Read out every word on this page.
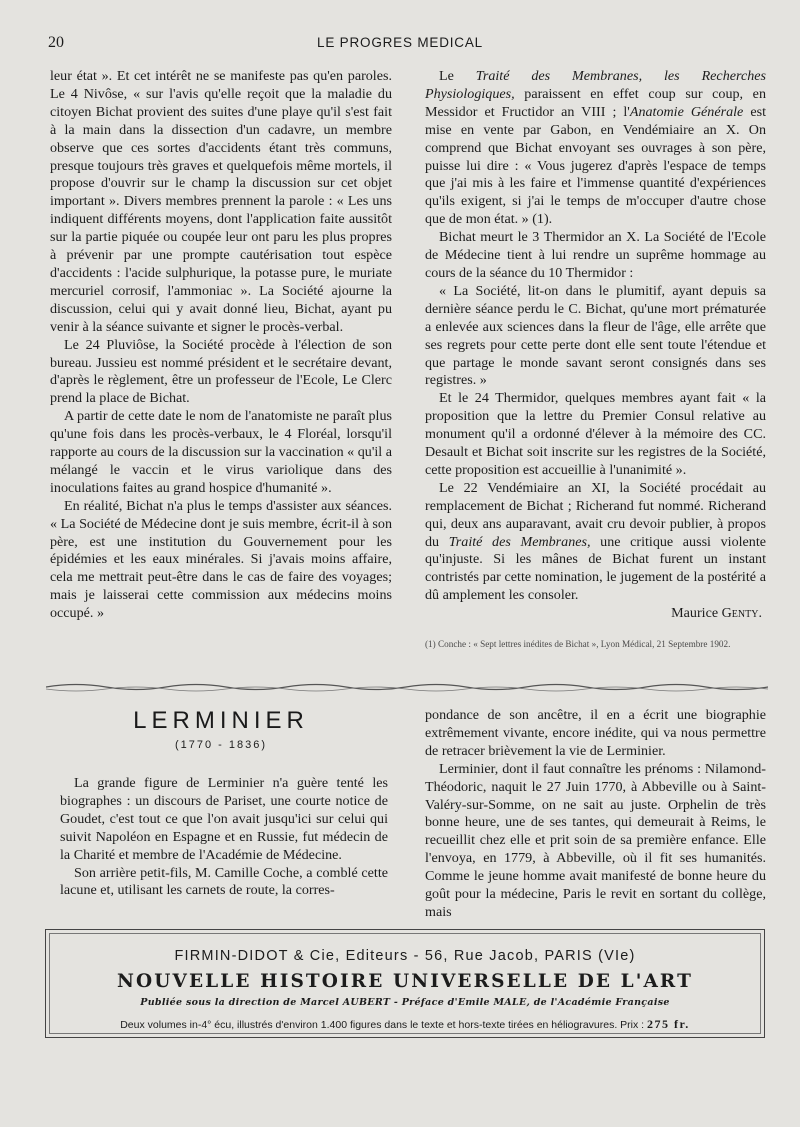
20	LE PROGRES MEDICAL

leur état ». Et cet intérêt ne se manifeste pas qu'en paroles. Le 4 Nivôse, « sur l'avis qu'elle reçoit que la maladie du citoyen Bichat provient des suites d'une playe qu'il s'est fait à la main dans la dissection d'un cadavre, un membre observe que ces sortes d'accidents étant très communs, presque toujours très graves et quelquefois même mortels, il propose d'ouvrir sur le champ la discussion sur cet objet important ». Divers membres prennent la parole : « Les uns indiquent différents moyens, dont l'application faite aussitôt sur la partie piquée ou coupée leur ont paru les plus propres à prévenir par une prompte cautérisation tout espèce d'accidents : l'acide sulphurique, la potasse pure, le muriate mercuriel corrosif, l'ammoniac ». La Société ajourne la discussion, celui qui y avait donné lieu, Bichat, ayant pu venir à la séance suivante et signer le procès-verbal.

Le 24 Pluviôse, la Société procède à l'élection de son bureau. Jussieu est nommé président et le secrétaire devant, d'après le règlement, être un professeur de l'Ecole, Le Clerc prend la place de Bichat.

A partir de cette date le nom de l'anatomiste ne paraît plus qu'une fois dans les procès-verbaux, le 4 Floréal, lorsqu'il rapporte au cours de la discussion sur la vaccination « qu'il a mélangé le vaccin et le virus variolique dans des inoculations faites au grand hospice d'humanité ».

En réalité, Bichat n'a plus le temps d'assister aux séances. « La Société de Médecine dont je suis membre, écrit-il à son père, est une institution du Gouvernement pour les épidémies et les eaux minérales. Si j'avais moins affaire, cela me mettrait peut-être dans le cas de faire des voyages; mais je laisserai cette commission aux médecins moins occupé. »

Le Traité des Membranes, les Recherches Physiologiques, paraissent en effet coup sur coup, en Messidor et Fructidor an VIII ; l'Anatomie Générale est mise en vente par Gabon, en Vendémiaire an X. On comprend que Bichat envoyant ses ouvrages à son père, puisse lui dire : « Vous jugerez d'après l'espace de temps que j'ai mis à les faire et l'immense quantité d'expériences qu'ils exigent, si j'ai le temps de m'occuper d'autre chose que de mon état. » (1).

Bichat meurt le 3 Thermidor an X. La Société de l'Ecole de Médecine tient à lui rendre un suprême hommage au cours de la séance du 10 Thermidor :

« La Société, lit-on dans le plumitif, ayant depuis sa dernière séance perdu le C. Bichat, qu'une mort prématurée a enlevée aux sciences dans la fleur de l'âge, elle arrête que ses regrets pour cette perte dont elle sent toute l'étendue et que partage le monde savant seront consignés dans ses registres. »

Et le 24 Thermidor, quelques membres ayant fait « la proposition que la lettre du Premier Consul relative au monument qu'il a ordonné d'élever à la mémoire des CC. Desault et Bichat soit inscrite sur les registres de la Société, cette proposition est accueillie à l'unanimité ».

Le 22 Vendémiaire an XI, la Société procédait au remplacement de Bichat ; Richerand fut nommé. Richerand qui, deux ans auparavant, avait cru devoir publier, à propos du Traité des Membranes, une critique aussi violente qu'injuste. Si les mânes de Bichat furent un instant contristés par cette nomination, le jugement de la postérité a dû amplement les consoler.

Maurice Genty.

(1) Conche : « Sept lettres inédites de Bichat », Lyon Médical, 21 Septembre 1902.
LERMINIER
(1770 - 1836)

La grande figure de Lerminier n'a guère tenté les biographes : un discours de Pariset, une courte notice de Goudet, c'est tout ce que l'on avait jusqu'ici sur celui qui suivit Napoléon en Espagne et en Russie, fut médecin de la Charité et membre de l'Académie de Médecine.

Son arrière petit-fils, M. Camille Coche, a comblé cette lacune et, utilisant les carnets de route, la corres-

pondance de son ancêtre, il en a écrit une biographie extrêmement vivante, encore inédite, qui va nous permettre de retracer brièvement la vie de Lerminier.

Lerminier, dont il faut connaître les prénoms : Nilamond-Théodoric, naquit le 27 Juin 1770, à Abbeville ou à Saint-Valéry-sur-Somme, on ne sait au juste. Orphelin de très bonne heure, une de ses tantes, qui demeurait à Reims, le recueillit chez elle et prit soin de sa première enfance. Elle l'envoya, en 1779, à Abbeville, où il fit ses humanités. Comme le jeune homme avait manifesté de bonne heure du goût pour la médecine, Paris le revit en sortant du collège, mais

FIRMIN-DIDOT & Cie, Editeurs - 56, Rue Jacob, PARIS (VIe)
NOUVELLE HISTOIRE UNIVERSELLE DE L'ART
Publiée sous la direction de Marcel AUBERT - Préface d'Emile MALE, de l'Académie Française
Deux volumes in-4° écu, illustrés d'environ 1.400 figures dans le texte et hors-texte tirées en héliogravures. Prix : 275 fr.
